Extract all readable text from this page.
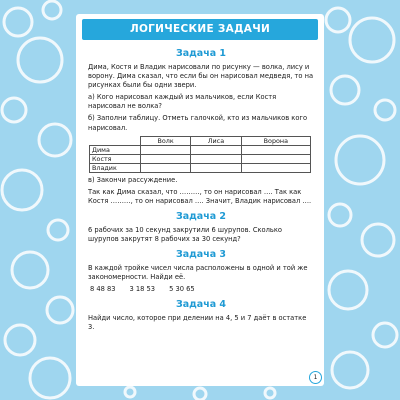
ЛОГИЧЕСКИЕ ЗАДАЧИ
Задача 1

Дима, Костя и Владик нарисовали по рисунку — волка, лису и ворону. Дима сказал, что если бы он нарисовал медведя, то на рисунках были бы одни звери.

а) Кого нарисовал каждый из мальчиков, если Костя нарисовал не волка?

б) Заполни таблицу. Отметь галочкой, кто из мальчиков кого нарисовал.

	Волк	Лиса	Ворона
Дима			
Костя			
Владик			

в) Закончи рассуждение.

Так как Дима сказал, что ………, то он нарисовал …. Так как Костя ………, то он нарисовал …. Значит, Владик нарисовал ….

Задача 2

6 рабочих за 10 секунд закрутили 6 шурупов. Сколько шурупов закрутят 8 рабочих за 30 секунд?

Задача 3

В каждой тройке чисел числа расположены в одной и той же закономерности. Найди её.

8 48 83 3 18 53 5 30 65
Задача 4

Найди число, которое при делении на 4, 5 и 7 даёт в остатке 3.

1
